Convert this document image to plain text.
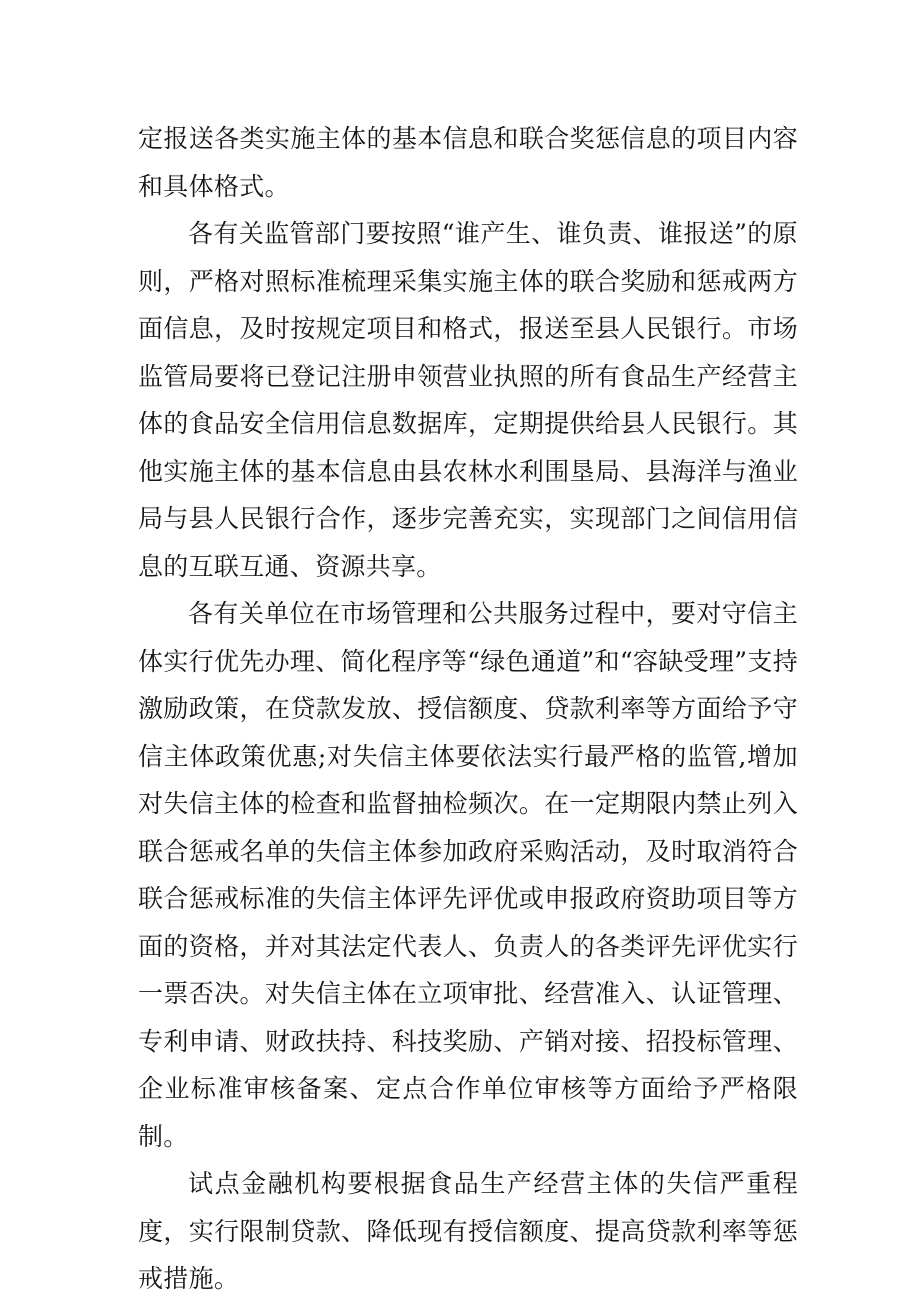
定报送各类实施主体的基本信息和联合奖惩信息的项目内容和具体格式。

各有关监管部门要按照“谁产生、谁负责、谁报送”的原则，严格对照标准梳理采集实施主体的联合奖励和惩戒两方面信息，及时按规定项目和格式，报送至县人民银行。市场监管局要将已登记注册申领营业执照的所有食品生产经营主体的食品安全信用信息数据库，定期提供给县人民银行。其他实施主体的基本信息由县农林水利围垦局、县海洋与渔业局与县人民银行合作，逐步完善充实，实现部门之间信用信息的互联互通、资源共享。

各有关单位在市场管理和公共服务过程中，要对守信主体实行优先办理、简化程序等“绿色通道”和“容缺受理”支持激励政策，在贷款发放、授信额度、贷款利率等方面给予守信主体政策优惠;对失信主体要依法实行最严格的监管,增加对失信主体的检查和监督抽检频次。在一定期限内禁止列入联合惩戒名单的失信主体参加政府采购活动，及时取消符合联合惩戒标准的失信主体评先评优或申报政府资助项目等方面的资格，并对其法定代表人、负责人的各类评先评优实行一票否决。对失信主体在立项审批、经营准入、认证管理、专利申请、财政扶持、科技奖励、产销对接、招投标管理、企业标准审核备案、定点合作单位审核等方面给予严格限制。

试点金融机构要根据食品生产经营主体的失信严重程度，实行限制贷款、降低现有授信额度、提高贷款利率等惩戒措施。
